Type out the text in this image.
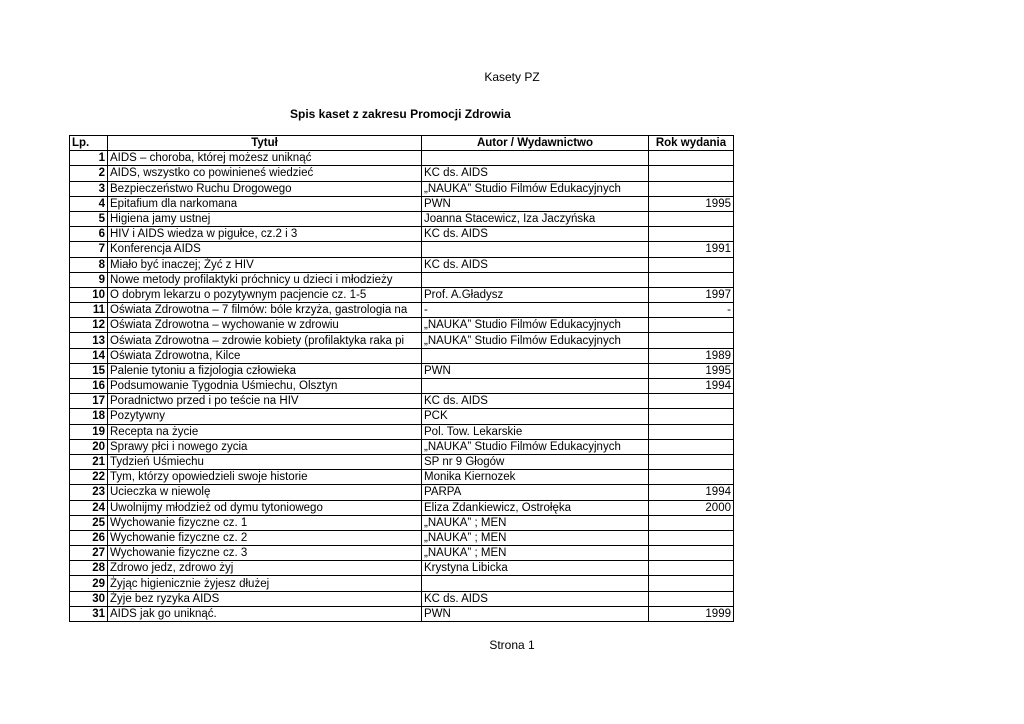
Kasety PZ
Spis kaset z zakresu Promocji Zdrowia
Lp.	Tytuł	Autor / Wydawnictwo	Rok wydania
1	AIDS – choroba, której możesz uniknąć		
2	AIDS, wszystko co powinieneś wiedzieć	KC ds. AIDS	
3	Bezpieczeństwo Ruchu Drogowego	„NAUKA” Studio Filmów Edukacyjnych	
4	Epitafium dla narkomana	PWN	1995
5	Higiena jamy ustnej	Joanna Stacewicz, Iza Jaczyńska	
6	HIV i AIDS wiedza w pigułce, cz.2 i 3	KC ds. AIDS	
7	Konferencja AIDS		1991
8	Miało być inaczej; Żyć z HIV	KC ds. AIDS	
9	Nowe metody profilaktyki próchnicy u dzieci i młodzieży		
10	O dobrym lekarzu o pozytywnym pacjencie cz. 1-5	Prof. A.Gładysz	1997
11	Oświata Zdrowotna – 7 filmów: bóle krzyża, gastrologia na	-	-
12	Oświata Zdrowotna – wychowanie w zdrowiu	„NAUKA” Studio Filmów Edukacyjnych	
13	Oświata Zdrowotna – zdrowie kobiety (profilaktyka raka pi	„NAUKA” Studio Filmów Edukacyjnych	
14	Oświata Zdrowotna, Kilce		1989
15	Palenie tytoniu a fizjologia człowieka	PWN	1995
16	Podsumowanie Tygodnia Uśmiechu, Olsztyn		1994
17	Poradnictwo przed i po teście na HIV	KC ds. AIDS	
18	Pozytywny	PCK	
19	Recepta na życie	Pol. Tow. Lekarskie	
20	Sprawy płci i nowego zycia	„NAUKA” Studio Filmów Edukacyjnych	
21	Tydzień Uśmiechu	SP nr 9 Głogów	
22	Tym, którzy opowiedzieli swoje historie	Monika Kiernozek	
23	Ucieczka w niewolę	PARPA	1994
24	Uwolnijmy młodzież od dymu tytoniowego	Eliza Zdankiewicz, Ostrołęka	2000
25	Wychowanie fizyczne cz. 1	„NAUKA” ; MEN	
26	Wychowanie fizyczne cz. 2	„NAUKA” ; MEN	
27	Wychowanie fizyczne cz. 3	„NAUKA” ; MEN	
28	Zdrowo jedz, zdrowo żyj	Krystyna Libicka	
29	Żyjąc higienicznie żyjesz dłużej		
30	Żyje bez ryzyka AIDS	KC ds. AIDS	
31	AIDS jak go uniknąć.	PWN	1999
Strona 1
